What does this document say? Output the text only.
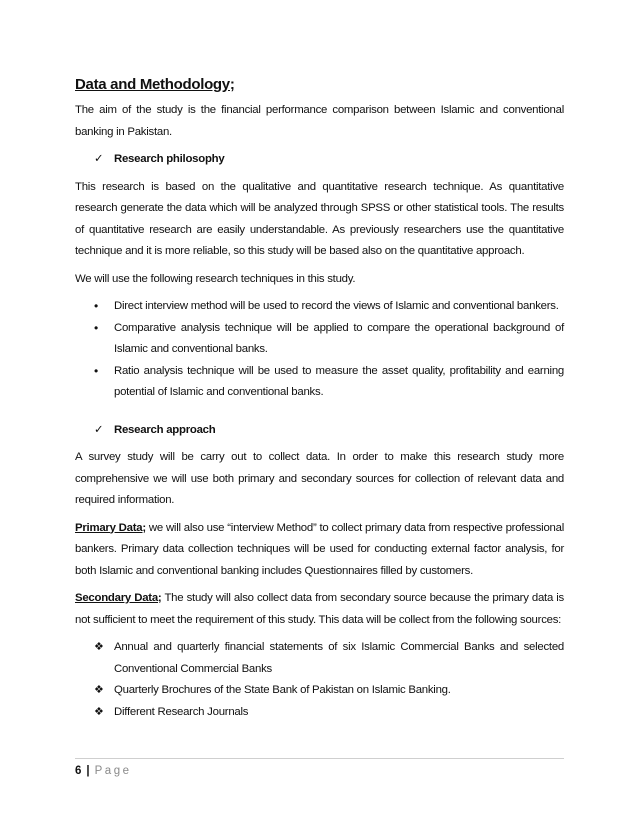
Data and Methodology;

The aim of the study is the financial performance comparison between Islamic and conventional banking in Pakistan.

✓ Research philosophy

This research is based on the qualitative and quantitative research technique. As quantitative research generate the data which will be analyzed through SPSS or other statistical tools. The results of quantitative research are easily understandable. As previously researchers use the quantitative technique and it is more reliable, so this study will be based also on the quantitative approach.

We will use the following research techniques in this study.

•	Direct interview method will be used to record the views of Islamic and conventional bankers.
•	Comparative analysis technique will be applied to compare the operational background of Islamic and conventional banks.
•	Ratio analysis technique will be used to measure the asset quality, profitability and earning potential of Islamic and conventional banks.
✓ Research approach

A survey study will be carry out to collect data. In order to make this research study more comprehensive we will use both primary and secondary sources for collection of relevant data and required information.

Primary Data; we will also use “interview Method” to collect primary data from respective professional bankers. Primary data collection techniques will be used for conducting external factor analysis, for both Islamic and conventional banking includes Questionnaires filled by customers.

Secondary Data; The study will also collect data from secondary source because the primary data is not sufficient to meet the requirement of this study. This data will be collect from the following sources:

❖ Annual and quarterly financial statements of six Islamic Commercial Banks and selected Conventional Commercial Banks
❖ Quarterly Brochures of the State Bank of Pakistan on Islamic Banking.
❖ Different Research Journals
6 | Page
